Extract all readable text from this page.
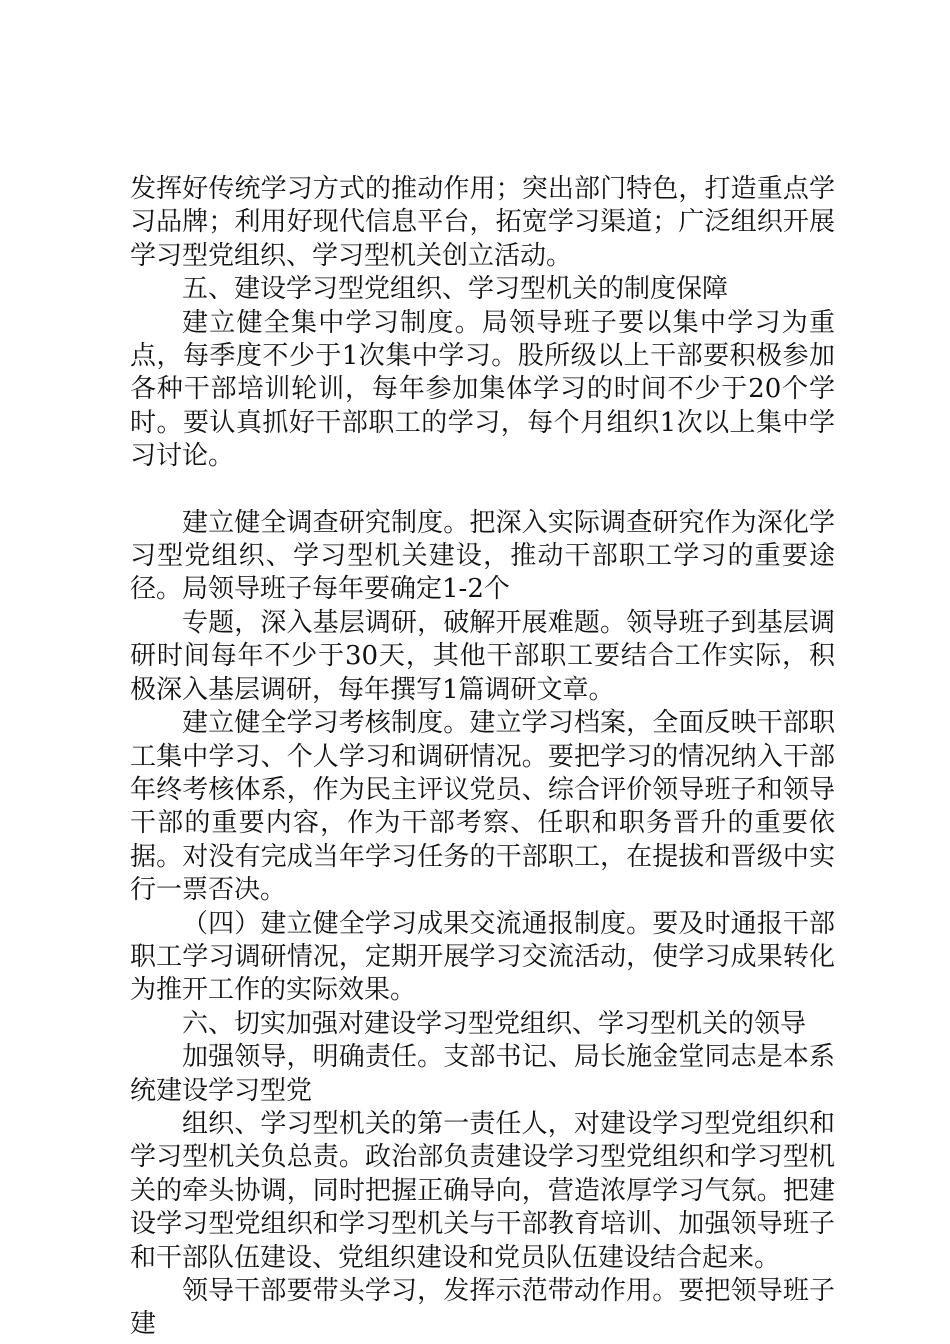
发挥好传统学习方式的推动作用；突出部门特色，打造重点学习品牌；利用好现代信息平台，拓宽学习渠道；广泛组织开展学习型党组织、学习型机关创立活动。

五、建设学习型党组织、学习型机关的制度保障

建立健全集中学习制度。局领导班子要以集中学习为重点，每季度不少于1次集中学习。股所级以上干部要积极参加各种干部培训轮训，每年参加集体学习的时间不少于20个学时。要认真抓好干部职工的学习，每个月组织1次以上集中学习讨论。

建立健全调查研究制度。把深入实际调查研究作为深化学习型党组织、学习型机关建设，推动干部职工学习的重要途径。局领导班子每年要确定1-2个

专题，深入基层调研，破解开展难题。领导班子到基层调研时间每年不少于30天，其他干部职工要结合工作实际，积极深入基层调研，每年撰写1篇调研文章。

建立健全学习考核制度。建立学习档案，全面反映干部职工集中学习、个人学习和调研情况。要把学习的情况纳入干部年终考核体系，作为民主评议党员、综合评价领导班子和领导干部的重要内容，作为干部考察、任职和职务晋升的重要依据。对没有完成当年学习任务的干部职工，在提拔和晋级中实行一票否决。

（四）建立健全学习成果交流通报制度。要及时通报干部职工学习调研情况，定期开展学习交流活动，使学习成果转化为推开工作的实际效果。

六、切实加强对建设学习型党组织、学习型机关的领导

加强领导，明确责任。支部书记、局长施金堂同志是本系统建设学习型党

组织、学习型机关的第一责任人，对建设学习型党组织和学习型机关负总责。政治部负责建设学习型党组织和学习型机关的牵头协调，同时把握正确导向，营造浓厚学习气氛。把建设学习型党组织和学习型机关与干部教育培训、加强领导班子和干部队伍建设、党组织建设和党员队伍建设结合起来。

领导干部要带头学习，发挥示范带动作用。要把领导班子建
